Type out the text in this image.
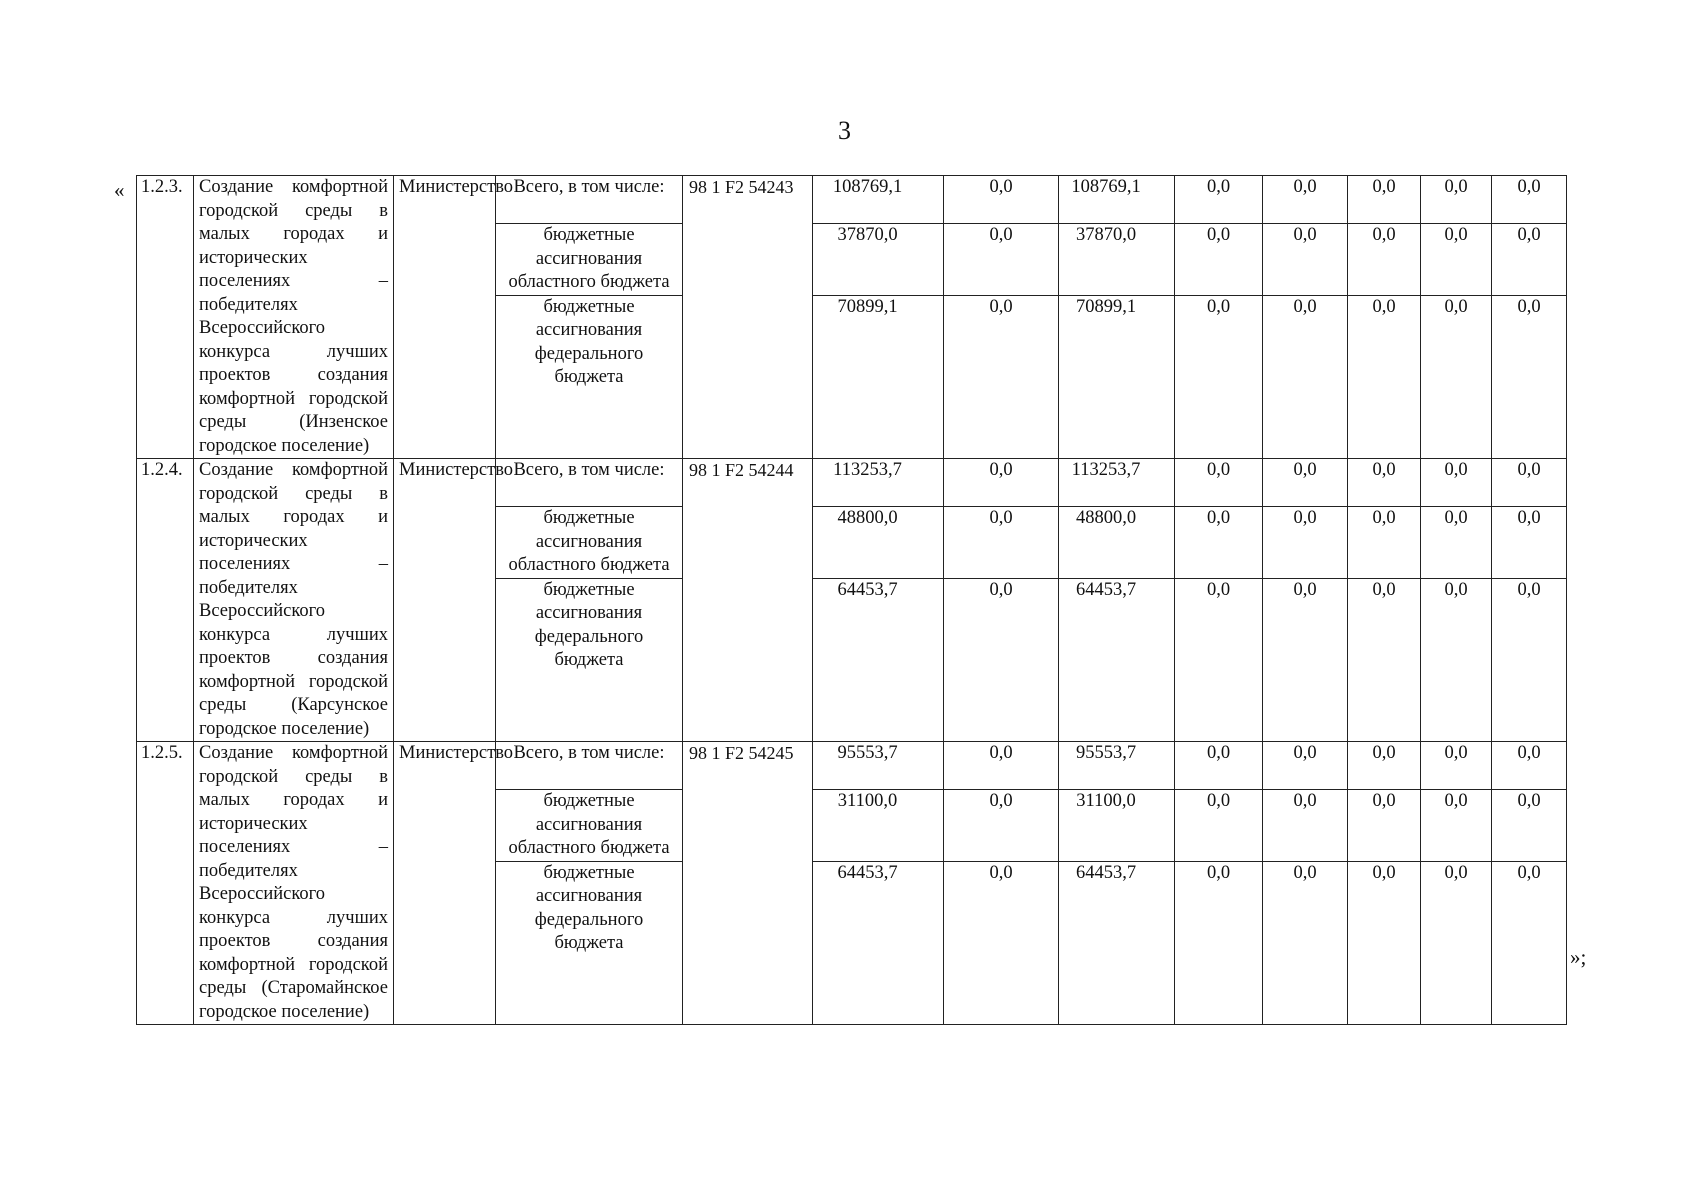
3
«
»;
1.2.3.	Создание комфортной городской среды в малых городах и исторических поселениях – победителях Всероссийского конкурса лучших проектов создания комфортной городской среды (Инзенское городское поселение)	Министерство	Всего, в том числе:	98 1 F2 54243	108769,1	0,0	108769,1	0,0	0,0	0,0	0,0	0,0
			бюджетные ассигнования областного бюджета		37870,0	0,0	37870,0	0,0	0,0	0,0	0,0	0,0
			бюджетные ассигнования федерального бюджета		70899,1	0,0	70899,1	0,0	0,0	0,0	0,0	0,0
1.2.4.	Создание комфортной городской среды в малых городах и исторических поселениях – победителях Всероссийского конкурса лучших проектов создания комфортной городской среды (Карсунское городское поселение)	Министерство	Всего, в том числе:	98 1 F2 54244	113253,7	0,0	113253,7	0,0	0,0	0,0	0,0	0,0
			бюджетные ассигнования областного бюджета		48800,0	0,0	48800,0	0,0	0,0	0,0	0,0	0,0
			бюджетные ассигнования федерального бюджета		64453,7	0,0	64453,7	0,0	0,0	0,0	0,0	0,0
1.2.5.	Создание комфортной городской среды в малых городах и исторических поселениях – победителях Всероссийского конкурса лучших проектов создания комфортной городской среды (Старомайнское городское поселение)	Министерство	Всего, в том числе:	98 1 F2 54245	95553,7	0,0	95553,7	0,0	0,0	0,0	0,0	0,0
			бюджетные ассигнования областного бюджета		31100,0	0,0	31100,0	0,0	0,0	0,0	0,0	0,0
			бюджетные ассигнования федерального бюджета		64453,7	0,0	64453,7	0,0	0,0	0,0	0,0	0,0
